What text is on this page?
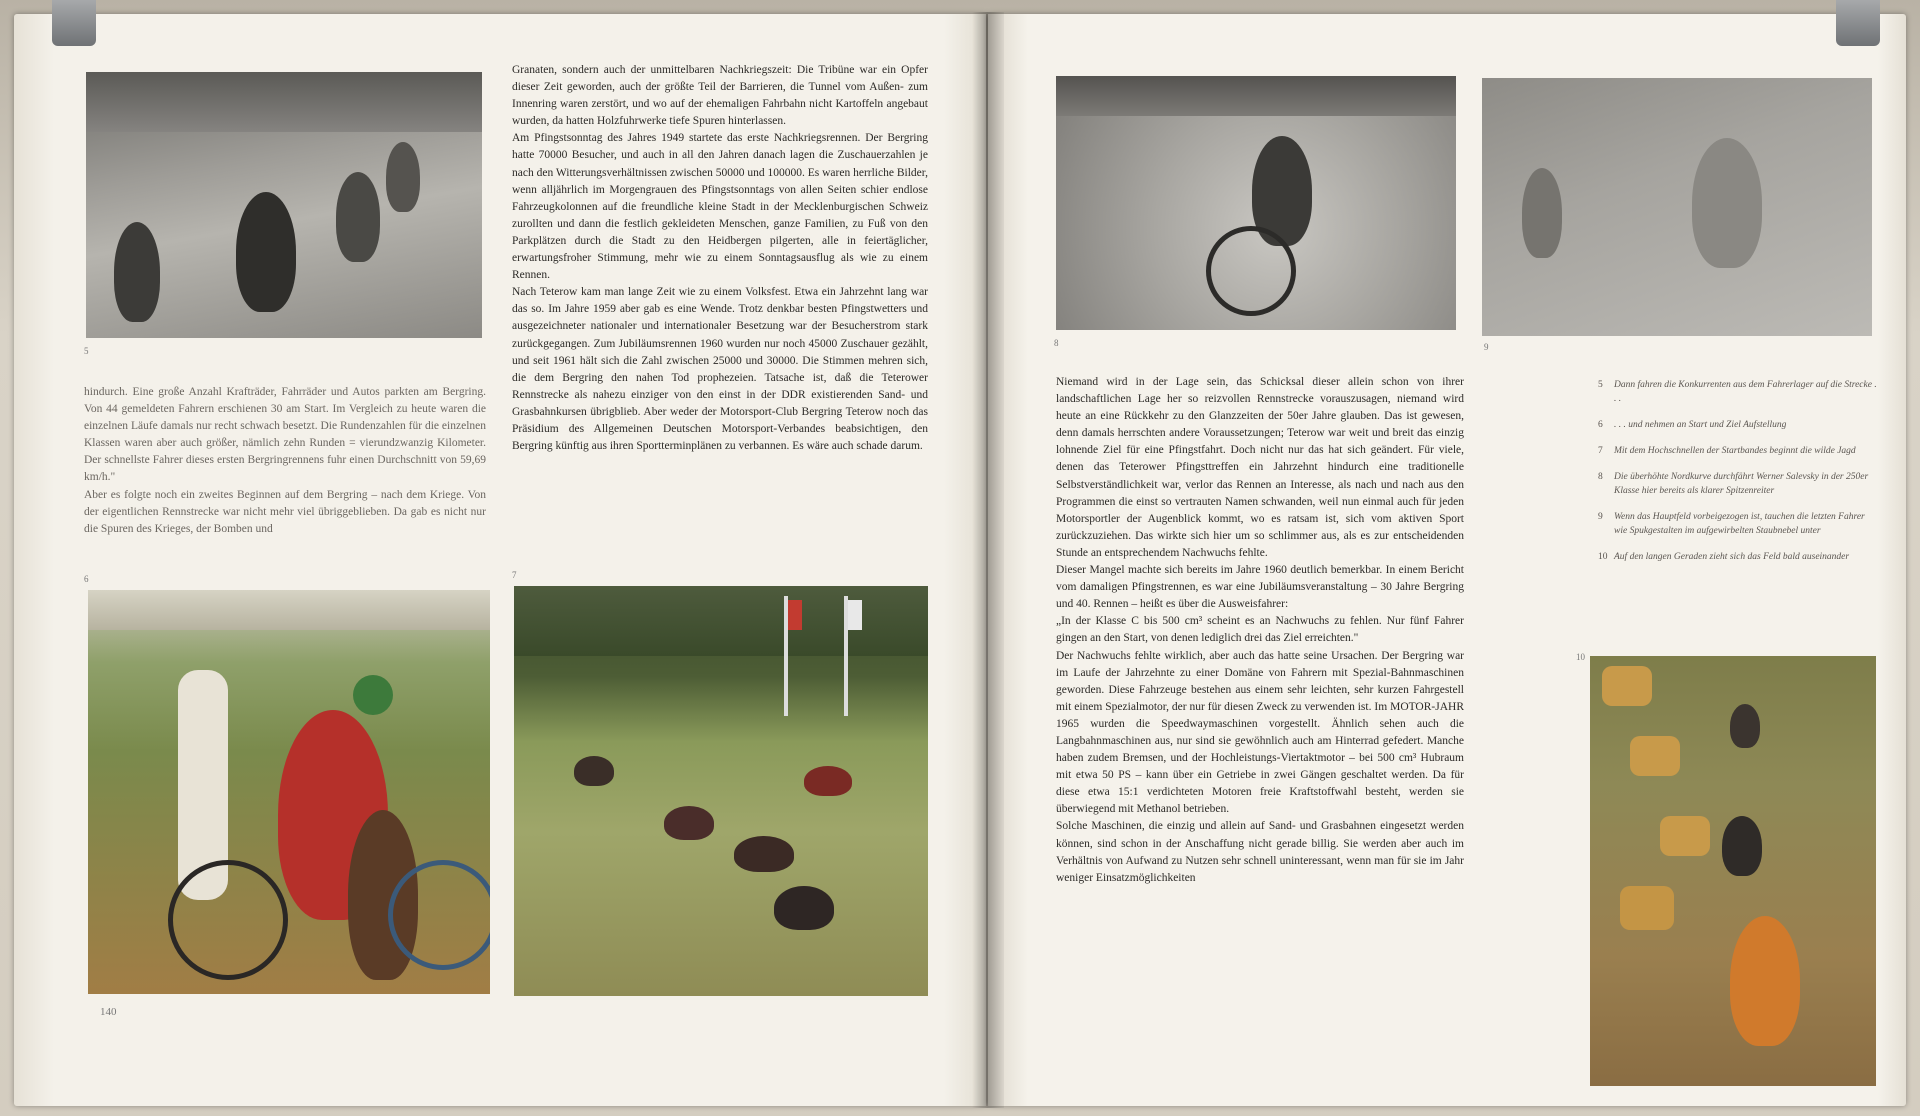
5

hindurch. Eine große Anzahl Krafträder, Fahrräder und Autos parkten am Bergring. Von 44 gemeldeten Fahrern erschienen 30 am Start. Im Vergleich zu heute waren die einzelnen Läufe damals nur recht schwach besetzt. Die Rundenzahlen für die einzelnen Klassen waren aber auch größer, nämlich zehn Runden = vierundzwanzig Kilometer. Der schnellste Fahrer dieses ersten Bergringrennens fuhr einen Durchschnitt von 59,69 km/h."

Aber es folgte noch ein zweites Beginnen auf dem Bergring – nach dem Kriege. Von der eigentlichen Rennstrecke war nicht mehr viel übriggeblieben. Da gab es nicht nur die Spuren des Krieges, der Bomben und

Granaten, sondern auch der unmittelbaren Nachkriegszeit: Die Tribüne war ein Opfer dieser Zeit geworden, auch der größte Teil der Barrieren, die Tunnel vom Außen- zum Innenring waren zerstört, und wo auf der ehemaligen Fahrbahn nicht Kartoffeln angebaut wurden, da hatten Holzfuhrwerke tiefe Spuren hinterlassen.

Am Pfingstsonntag des Jahres 1949 startete das erste Nachkriegsrennen. Der Bergring hatte 70000 Besucher, und auch in all den Jahren danach lagen die Zuschauerzahlen je nach den Witterungsverhältnissen zwischen 50000 und 100000. Es waren herrliche Bilder, wenn alljährlich im Morgengrauen des Pfingstsonntags von allen Seiten schier endlose Fahrzeugkolonnen auf die freundliche kleine Stadt in der Mecklenburgischen Schweiz zurollten und dann die festlich gekleideten Menschen, ganze Familien, zu Fuß von den Parkplätzen durch die Stadt zu den Heidbergen pilgerten, alle in feiertäglicher, erwartungsfroher Stimmung, mehr wie zu einem Sonntagsausflug als wie zu einem Rennen.

Nach Teterow kam man lange Zeit wie zu einem Volksfest. Etwa ein Jahrzehnt lang war das so. Im Jahre 1959 aber gab es eine Wende. Trotz denkbar besten Pfingstwetters und ausgezeichneter nationaler und internationaler Besetzung war der Besucherstrom stark zurückgegangen. Zum Jubiläumsrennen 1960 wurden nur noch 45000 Zuschauer gezählt, und seit 1961 hält sich die Zahl zwischen 25000 und 30000. Die Stimmen mehren sich, die dem Bergring den nahen Tod prophezeien. Tatsache ist, daß die Teterower Rennstrecke als nahezu einziger von den einst in der DDR existierenden Sand- und Grasbahnkursen übrigblieb. Aber weder der Motorsport-Club Bergring Teterow noch das Präsidium des Allgemeinen Deutschen Motorsport-Verbandes beabsichtigen, den Bergring künftig aus ihren Sportterminplänen zu verbannen. Es wäre auch schade darum.

6	7
140
8	9

Niemand wird in der Lage sein, das Schicksal dieser allein schon von ihrer landschaftlichen Lage her so reizvollen Rennstrecke vorauszusagen, niemand wird heute an eine Rückkehr zu den Glanzzeiten der 50er Jahre glauben. Das ist gewesen, denn damals herrschten andere Voraussetzungen; Teterow war weit und breit das einzig lohnende Ziel für eine Pfingstfahrt. Doch nicht nur das hat sich geändert. Für viele, denen das Teterower Pfingsttreffen ein Jahrzehnt hindurch eine traditionelle Selbstverständlichkeit war, verlor das Rennen an Interesse, als nach und nach aus den Programmen die einst so vertrauten Namen schwanden, weil nun einmal auch für jeden Motorsportler der Augenblick kommt, wo es ratsam ist, sich vom aktiven Sport zurückzuziehen. Das wirkte sich hier um so schlimmer aus, als es zur entscheidenden Stunde an entsprechendem Nachwuchs fehlte.

Dieser Mangel machte sich bereits im Jahre 1960 deutlich bemerkbar. In einem Bericht vom damaligen Pfingstrennen, es war eine Jubiläumsveranstaltung – 30 Jahre Bergring und 40. Rennen – heißt es über die Ausweisfahrer:

„In der Klasse C bis 500 cm³ scheint es an Nachwuchs zu fehlen. Nur fünf Fahrer gingen an den Start, von denen lediglich drei das Ziel erreichten."

Der Nachwuchs fehlte wirklich, aber auch das hatte seine Ursachen. Der Bergring war im Laufe der Jahrzehnte zu einer Domäne von Fahrern mit Spezial-Bahnmaschinen geworden. Diese Fahrzeuge bestehen aus einem sehr leichten, sehr kurzen Fahrgestell mit einem Spezialmotor, der nur für diesen Zweck zu verwenden ist. Im MOTOR-JAHR 1965 wurden die Speedwaymaschinen vorgestellt. Ähnlich sehen auch die Langbahnmaschinen aus, nur sind sie gewöhnlich auch am Hinterrad gefedert. Manche haben zudem Bremsen, und der Hochleistungs-Viertaktmotor – bei 500 cm³ Hubraum mit etwa 50 PS – kann über ein Getriebe in zwei Gängen geschaltet werden. Da für diese etwa 15:1 verdichteten Motoren freie Kraftstoffwahl besteht, werden sie überwiegend mit Methanol betrieben.

Solche Maschinen, die einzig und allein auf Sand- und Grasbahnen eingesetzt werden können, sind schon in der Anschaffung nicht gerade billig. Sie werden aber auch im Verhältnis von Aufwand zu Nutzen sehr schnell uninteressant, wenn man für sie im Jahr weniger Einsatzmöglichkeiten

5	Dann fahren die Konkurrenten aus dem Fahrerlager auf die Strecke . . .
6	. . . und nehmen an Start und Ziel Aufstellung
7	Mit dem Hochschnellen der Startbandes beginnt die wilde Jagd
8	Die überhöhte Nordkurve durchfährt Werner Salevsky in der 250er Klasse hier bereits als klarer Spitzenreiter
9	Wenn das Hauptfeld vorbeigezogen ist, tauchen die letzten Fahrer wie Spukgestalten im aufgewirbelten Staubnebel unter
10 Auf den langen Geraden zieht sich das Feld bald auseinander
10
